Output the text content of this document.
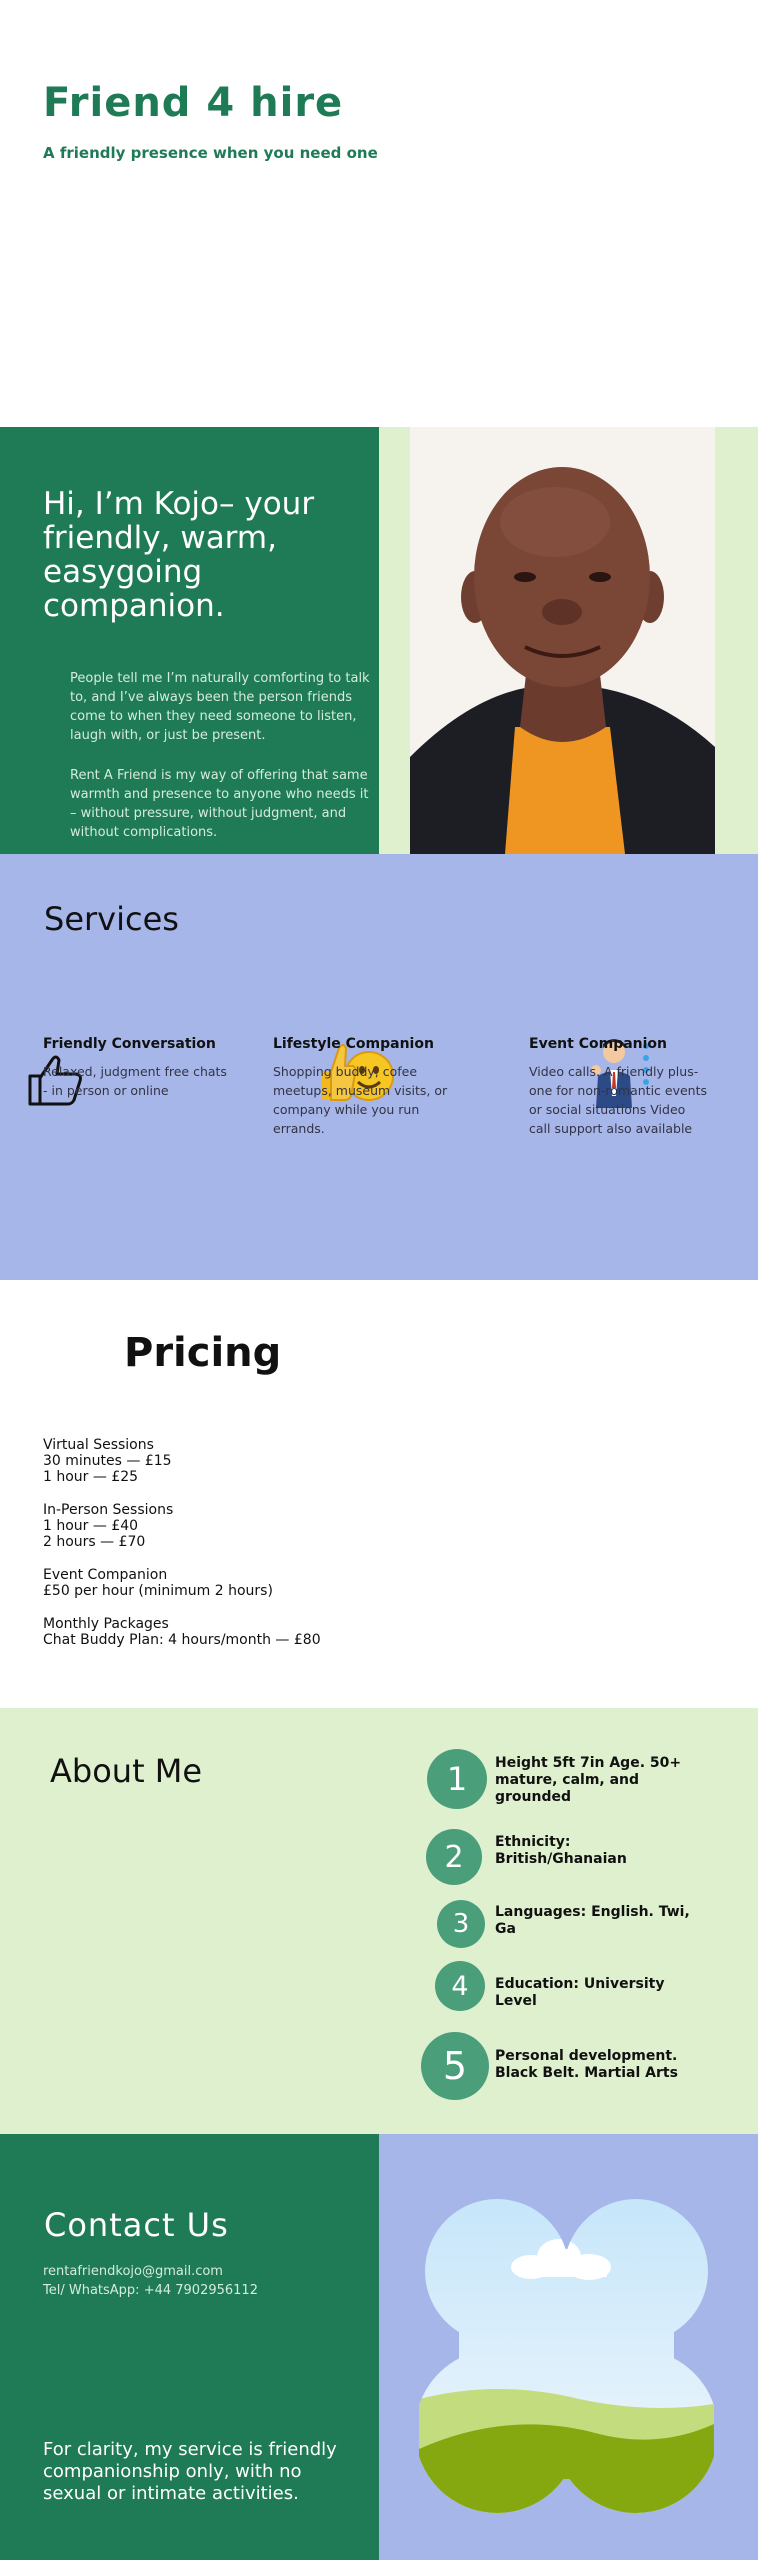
Friend 4 hire
A friendly presence when you need one
Hi, I’m Kojo– your friendly, warm, easygoing companion.
People tell me I’m naturally comforting to talk to, and I’ve always been the person friends come to when they need someone to listen, laugh with, or just be present.
Rent A Friend is my way of offering that same warmth and presence to anyone who needs it – without pressure, without judgment, and without complications.
Services
Friendly Conversation
Relaxed, judgment free chats - in person or online
Lifestyle Companion
Shopping buddy, cofee meetups, museum visits, or company while you run errands.
Event Companion
Video calls. A friendly plus-one for non-romantic events or social situations Video call support also available
Pricing
Virtual Sessions
30 minutes — £15
1 hour — £25
In-Person Sessions
1 hour — £40
2 hours — £70
Event Companion
£50 per hour (minimum 2 hours)
Monthly Packages
Chat Buddy Plan: 4 hours/month — £80
About Me	1	Height 5ft 7in Age. 50+ mature, calm, and grounded
2	Ethnicity: British/Ghanaian
3	Languages: English. Twi, Ga
4	Education: University Level
5	Personal development. Black Belt. Martial Arts
Contact Us
rentafriendkojo@gmail.com
Tel/ WhatsApp: +44 7902956112
For clarity, my service is friendly companionship only, with no sexual or intimate activities.
